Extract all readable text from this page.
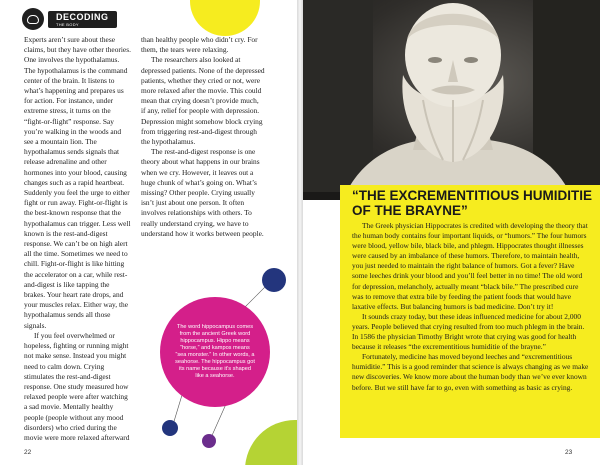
DECODING
THE BODY

Experts aren’t sure about these claims, but they have other theories. One involves the hypothalamus. The hypothalamus is the command center of the brain. It listens to what’s happening and prepares us for action. For instance, under extreme stress, it turns on the “fight-or-flight” response. Say you’re walking in the woods and see a mountain lion. The hypothalamus sends signals that release adrenaline and other hormones into your blood, causing changes such as a rapid heartbeat. Suddenly you feel the urge to either fight or run away. Fight-or-flight is the best-known response that the hypothalamus can trigger. Less well known is the rest-and-digest response. We can’t be on high alert all the time. Sometimes we need to chill. Fight-or-flight is like hitting the accelerator on a car, while rest-and-digest is like tapping the brakes. Your heart rate drops, and your muscles relax. Either way, the hypothalamus sends all those signals.

If you feel overwhelmed or hopeless, fighting or running might not make sense. Instead you might need to calm down. Crying stimulates the rest-and-digest response. One study measured how relaxed people were after watching a sad movie. Mentally healthy people (people without any mood disorders) who cried during the movie were more relaxed afterward

than healthy people who didn’t cry. For them, the tears were relaxing.

The researchers also looked at depressed patients. None of the depressed patients, whether they cried or not, were more relaxed after the movie. This could mean that crying doesn’t provide much, if any, relief for people with depression. Depression might somehow block crying from triggering rest-and-digest through the hypothalamus.

The rest-and-digest response is one theory about what happens in our brains when we cry. However, it leaves out a huge chunk of what’s going on. What’s missing? Other people. Crying usually isn’t just about one person. It often involves relationships with others. To really understand crying, we have to understand how it works between people.

The word hippocampus comes from the ancient Greek word hippocampus. Hippo means “horse,” and kampos means “sea monster.” In other words, a seahorse. The hippocampus got its name because it’s shaped like a seahorse.

22
“THE EXCREMENTITIOUS HUMIDITIE OF THE BRAYNE”

The Greek physician Hippocrates is credited with developing the theory that the human body contains four important liquids, or “humors.” The four humors were blood, yellow bile, black bile, and phlegm. Hippocrates thought illnesses were caused by an imbalance of these humors. Therefore, to maintain health, you just needed to maintain the right balance of humors. Got a fever? Have some leeches drink your blood and you’ll feel better in no time! The old word for depression, melancholy, actually meant “black bile.” The prescribed cure was to remove that extra bile by feeding the patient foods that would have laxative effects. But balancing humors is bad medicine. Don’t try it!

It sounds crazy today, but these ideas influenced medicine for about 2,000 years. People believed that crying resulted from too much phlegm in the brain. In 1586 the physician Timothy Bright wrote that crying was good for health because it releases “the excrementitious humiditie of the brayne.”

Fortunately, medicine has moved beyond leeches and “excrementitious humiditie.” This is a good reminder that science is always changing as we make new discoveries. We know more about the human body than we’ve ever known before. But we still have far to go, even with something as basic as crying.

23
